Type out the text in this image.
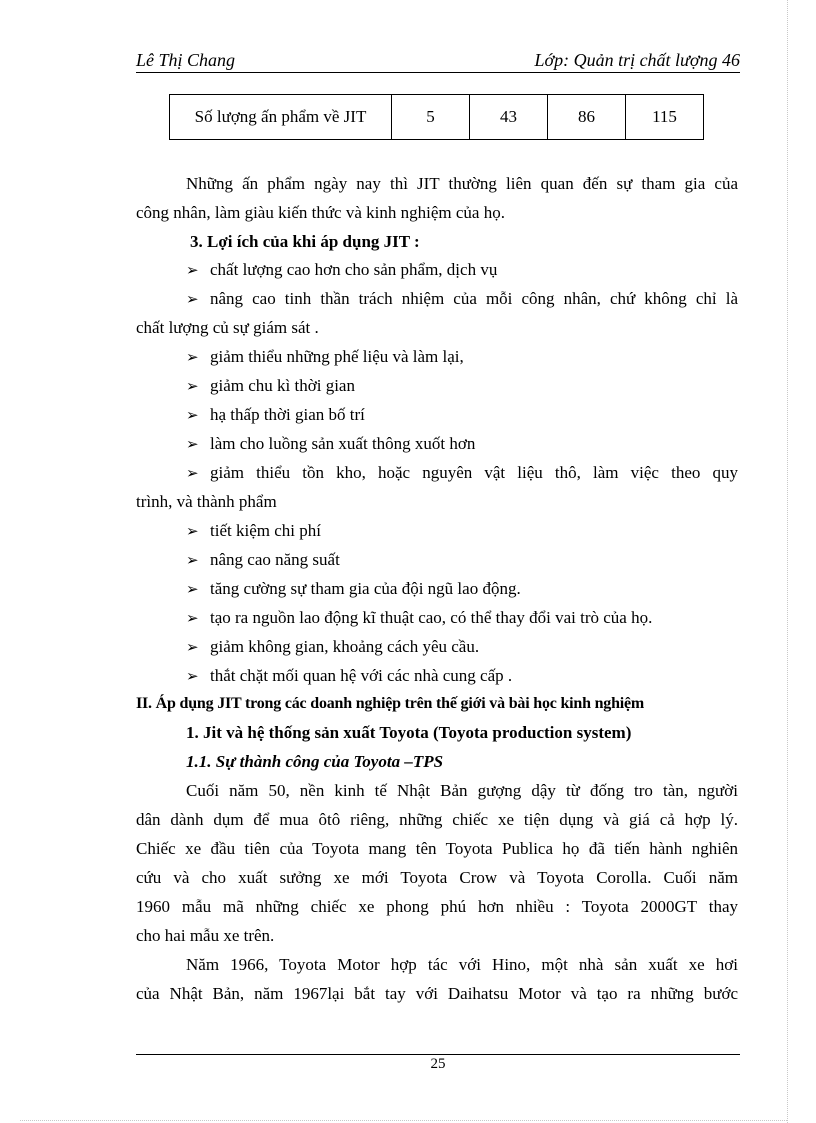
Lê Thị Chang	Lớp: Quản trị chất lượng 46
Số lượng ấn phẩm về JIT	5	43	86	115
Những ấn phẩm ngày nay thì JIT thường liên quan đến sự tham gia của
công nhân, làm giàu kiến thức và kinh nghiệm của họ.
3. Lợi ích của khi áp dụng JIT :
➢ chất lượng cao hơn cho sản phẩm, dịch vụ
➢ nâng cao tinh thần trách nhiệm của mỗi công nhân, chứ không chỉ là
chất lượng củ sự giám sát .
➢ giảm thiểu những phế liệu và làm lại,
➢ giảm chu kì thời gian
➢ hạ thấp thời gian bố trí
➢ làm cho luồng sản xuất thông xuốt hơn
➢ giảm thiểu tồn kho, hoặc nguyên vật liệu thô, làm việc theo quy
trình, và thành phẩm
➢ tiết kiệm chi phí
➢ nâng cao năng suất
➢ tăng cường sự tham gia của đội ngũ lao động.
➢ tạo ra nguồn lao động kĩ thuật cao, có thể thay đổi vai trò của họ.
➢ giảm không gian, khoảng cách yêu cầu.
➢ thắt chặt mối quan hệ với các nhà cung cấp .
II. Áp dụng JIT trong các doanh nghiệp trên thế giới và bài học kinh nghiệm
1. Jit và hệ thống sản xuất Toyota (Toyota production system)
1.1. Sự thành công của Toyota –TPS
Cuối năm 50, nền kinh tế Nhật Bản gượng dậy từ đống tro tàn, người
dân dành dụm để mua ôtô riêng, những chiếc xe tiện dụng và giá cả hợp lý.
Chiếc xe đầu tiên của Toyota mang tên Toyota Publica họ đã tiến hành nghiên
cứu và cho xuất sưởng xe mới Toyota Crow và Toyota Corolla. Cuối năm
1960 mẫu mã những chiếc xe phong phú hơn nhiều : Toyota 2000GT thay
cho hai mẫu xe trên.
Năm 1966, Toyota Motor hợp tác với Hino, một nhà sản xuất xe hơi
của Nhật Bản, năm 1967lại bắt tay với Daihatsu Motor và tạo ra những bước
25
